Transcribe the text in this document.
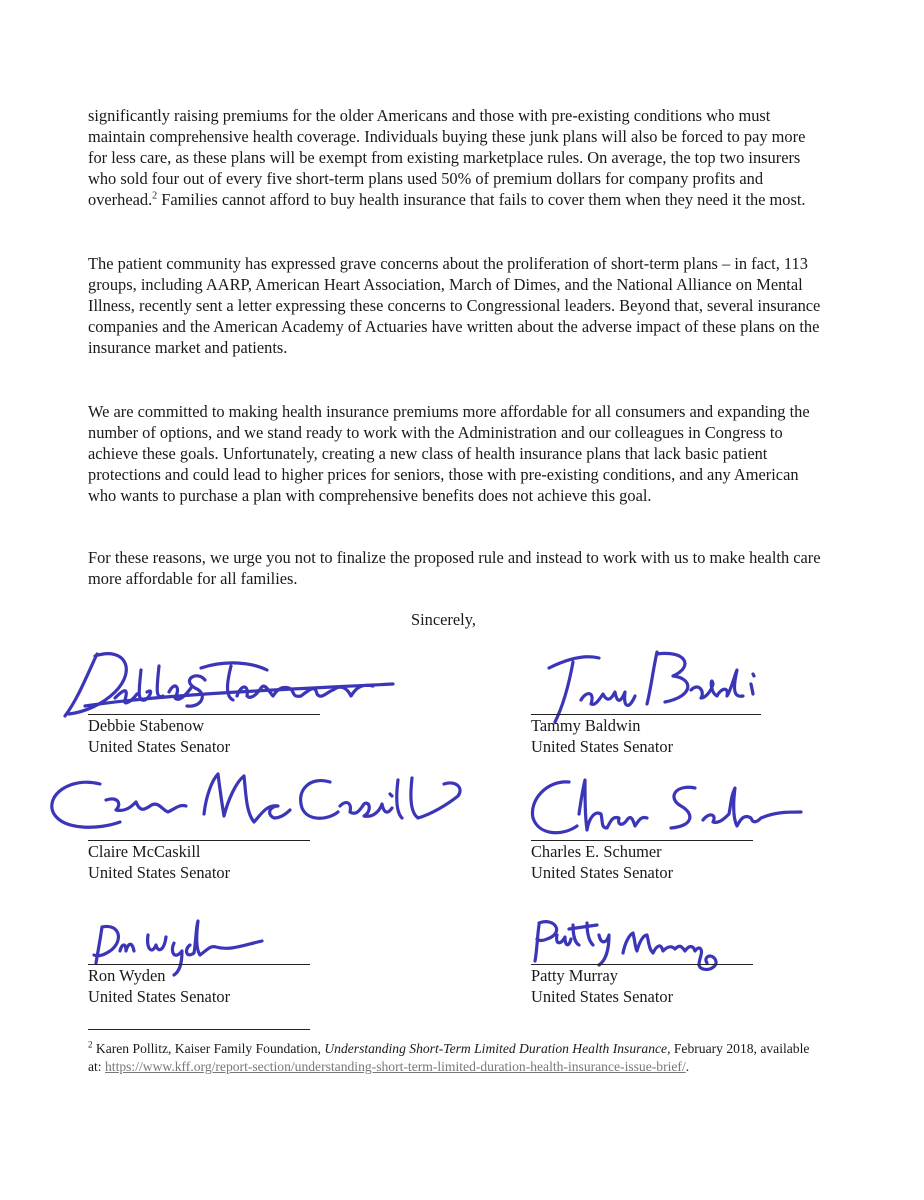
significantly raising premiums for the older Americans and those with pre-existing conditions who must maintain comprehensive health coverage. Individuals buying these junk plans will also be forced to pay more for less care, as these plans will be exempt from existing marketplace rules. On average, the top two insurers who sold four out of every five short-term plans used 50% of premium dollars for company profits and overhead.$^2$ Families cannot afford to buy health insurance that fails to cover them when they need it the most.

The patient community has expressed grave concerns about the proliferation of short-term plans – in fact, 113 groups, including AARP, American Heart Association, March of Dimes, and the National Alliance on Mental Illness, recently sent a letter expressing these concerns to Congressional leaders. Beyond that, several insurance companies and the American Academy of Actuaries have written about the adverse impact of these plans on the insurance market and patients.

We are committed to making health insurance premiums more affordable for all consumers and expanding the number of options, and we stand ready to work with the Administration and our colleagues in Congress to achieve these goals. Unfortunately, creating a new class of health insurance plans that lack basic patient protections and could lead to higher prices for seniors, those with pre-existing conditions, and any American who wants to purchase a plan with comprehensive benefits does not achieve this goal.

For these reasons, we urge you not to finalize the proposed rule and instead to work with us to make health care more affordable for all families.

Sincerely,
Debbie Stabenow
United States Senator
Tammy Baldwin
United States Senator
Claire McCaskill
United States Senator
Charles E. Schumer
United States Senator
Ron Wyden
United States Senator
Patty Murray
United States Senator
$^2$ Karen Pollitz, Kaiser Family Foundation, Understanding Short-Term Limited Duration Health Insurance, February 2018, available at: https://www.kff.org/report-section/understanding-short-term-limited-duration-health-insurance-issue-brief/.
